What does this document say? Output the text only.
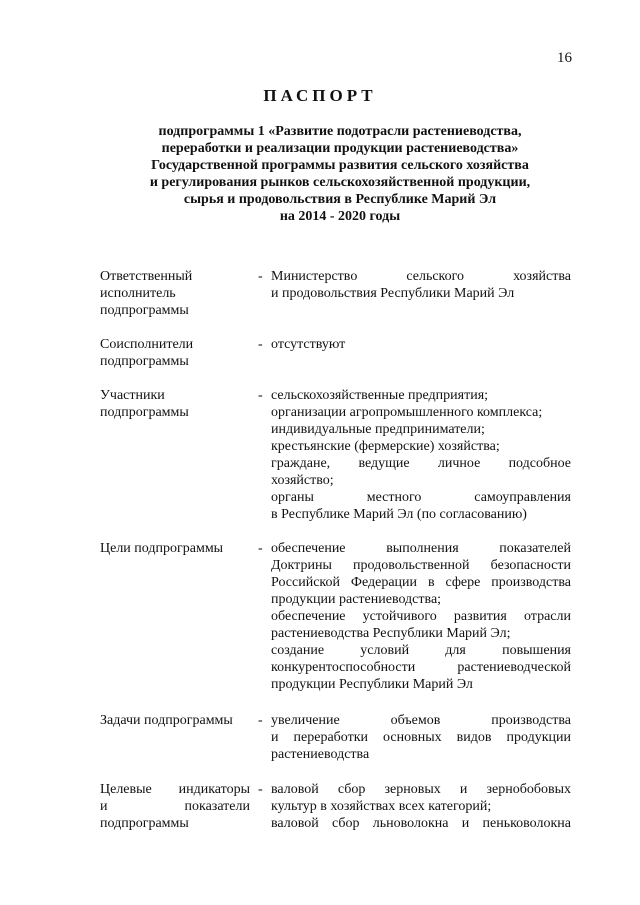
16
ПАСПОРТ
подпрограммы 1 «Развитие подотрасли растениеводства,
переработки и реализации продукции растениеводства»
Государственной программы развития сельского хозяйства
и регулирования рынков сельскохозяйственной продукции,
сырья и продовольствия в Республике Марий Эл
на 2014 - 2020 годы
Ответственный
исполнитель
подпрограммы
- Министерство сельского хозяйства
и продовольствия Республики Марий Эл
Соисполнители
подпрограммы
- отсутствуют
Участники
подпрограммы
- сельскохозяйственные предприятия;
организации агропромышленного комплекса;
индивидуальные предприниматели;
крестьянские (фермерские) хозяйства;
граждане, ведущие личное подсобное
хозяйство;
органы местного самоуправления
в Республике Марий Эл (по согласованию)
Цели подпрограммы	- обеспечение выполнения показателей
Доктрины продовольственной безопасности
Российской Федерации в сфере производства
продукции растениеводства;
обеспечение устойчивого развития отрасли
растениеводства Республики Марий Эл;
создание условий для повышения
конкурентоспособности растениеводческой
продукции Республики Марий Эл
Задачи подпрограммы	- увеличение объемов производства
и переработки основных видов продукции
растениеводства
Целевые индикаторы
и показатели
подпрограммы
- валовой сбор зерновых и зернобобовых
культур в хозяйствах всех категорий;
валовой сбор льноволокна и пеньковолокна
